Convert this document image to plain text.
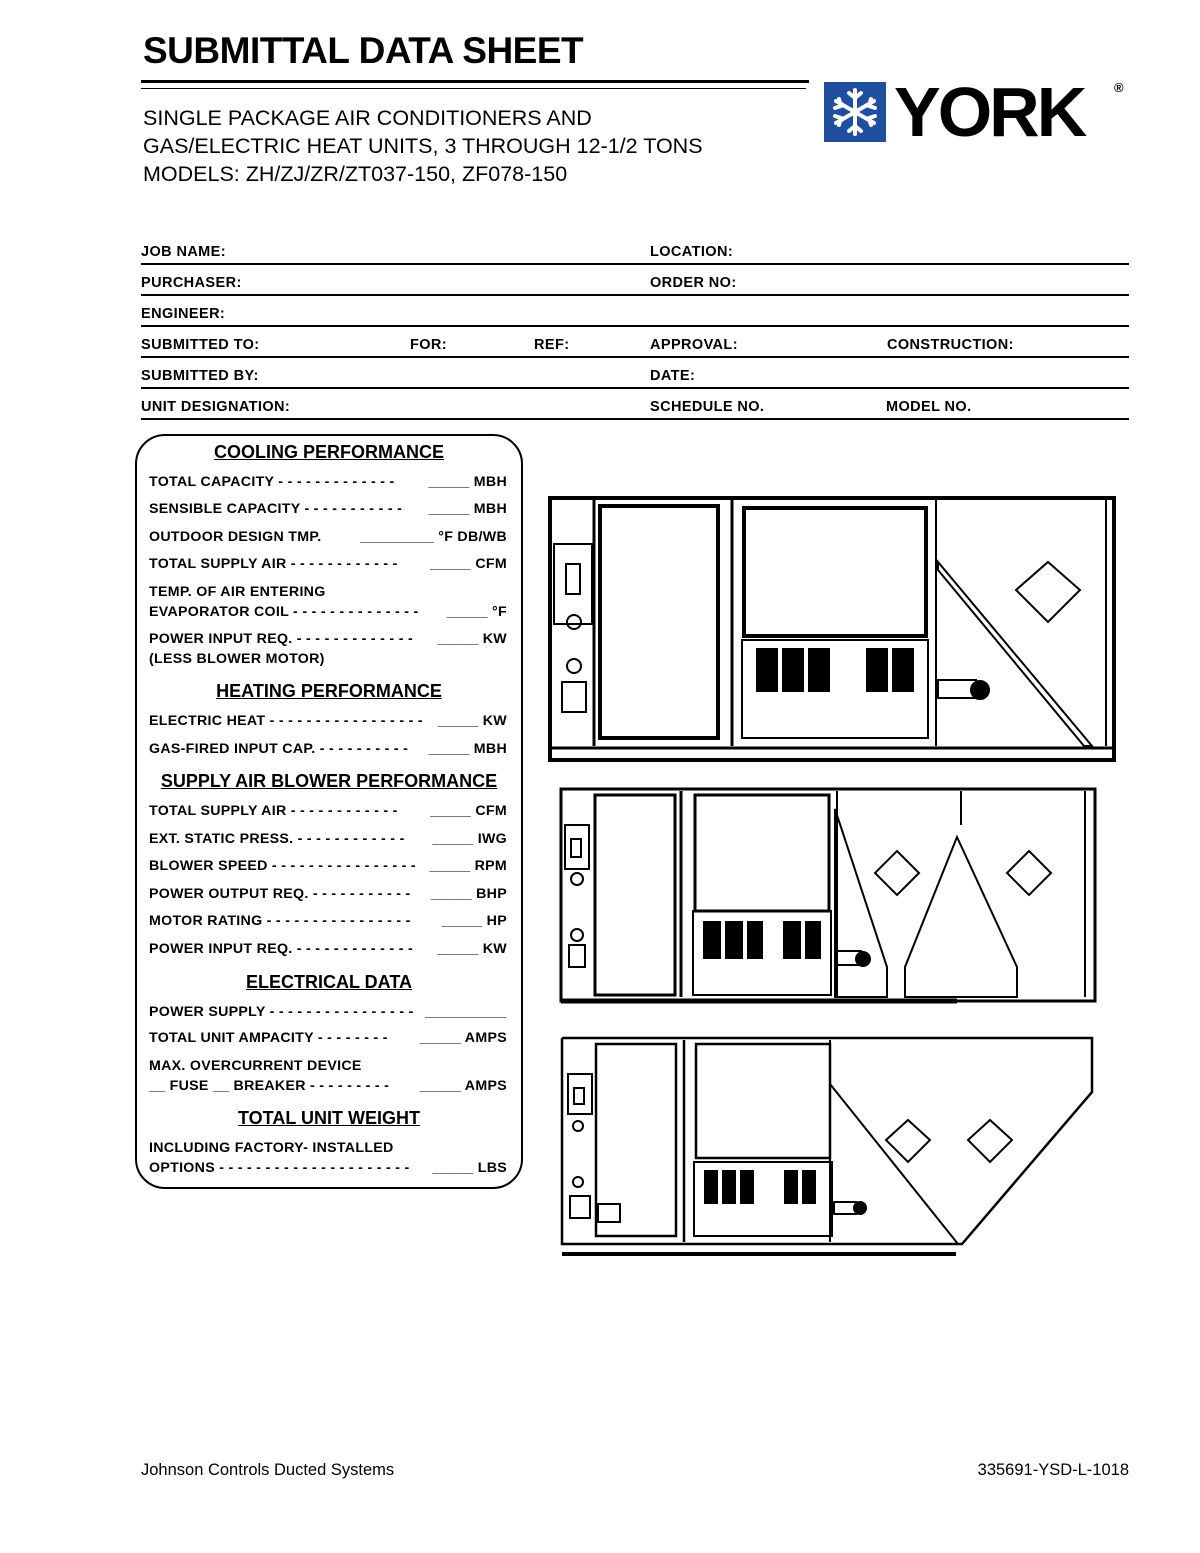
SUBMITTAL DATA SHEET
SINGLE PACKAGE AIR CONDITIONERS AND
GAS/ELECTRIC HEAT UNITS, 3 THROUGH 12-1/2 TONS
MODELS: ZH/ZJ/ZR/ZT037-150, ZF078-150
YORK ®
JOB NAME:	LOCATION:
PURCHASER:	ORDER NO:
ENGINEER:
SUBMITTED TO:	FOR:	REF:	APPROVAL:	CONSTRUCTION:
SUBMITTED BY:	DATE:
UNIT DESIGNATION:	SCHEDULE NO.	MODEL NO.
COOLING PERFORMANCE
TOTAL CAPACITY - - - - - - - - - - - - - _____ MBH
SENSIBLE CAPACITY - - - - - - - - - - - _____ MBH
OUTDOOR DESIGN TMP.	_________ °F DB/WB
TOTAL SUPPLY AIR - - - - - - - - - - - - _____ CFM
TEMP. OF AIR ENTERING
EVAPORATOR COIL - - - - - - - - - - - - - - _____ °F
POWER INPUT REQ. - - - - - - - - - - - - - _____ KW
(LESS BLOWER MOTOR)
HEATING PERFORMANCE
ELECTRIC HEAT - - - - - - - - - - - - - - - - - _____ KW
GAS-FIRED INPUT CAP. - - - - - - - - - - _____ MBH
SUPPLY AIR BLOWER PERFORMANCE
TOTAL SUPPLY AIR - - - - - - - - - - - - _____ CFM
EXT. STATIC PRESS. - - - - - - - - - - - - _____ IWG
BLOWER SPEED - - - - - - - - - - - - - - - - _____ RPM
POWER OUTPUT REQ. - - - - - - - - - - - _____ BHP
MOTOR RATING - - - - - - - - - - - - - - - - _____ HP
POWER INPUT REQ. - - - - - - - - - - - - - _____ KW
ELECTRICAL DATA
POWER SUPPLY - - - - - - - - - - - - - - - - __________
TOTAL UNIT AMPACITY - - - - - - - - _____ AMPS
MAX. OVERCURRENT DEVICE
__ FUSE __ BREAKER - - - - - - - - - _____ AMPS
TOTAL UNIT WEIGHT
INCLUDING FACTORY- INSTALLED
OPTIONS - - - - - - - - - - - - - - - - - - - - - _____ LBS
Johnson Controls Ducted Systems	335691-YSD-L-1018
